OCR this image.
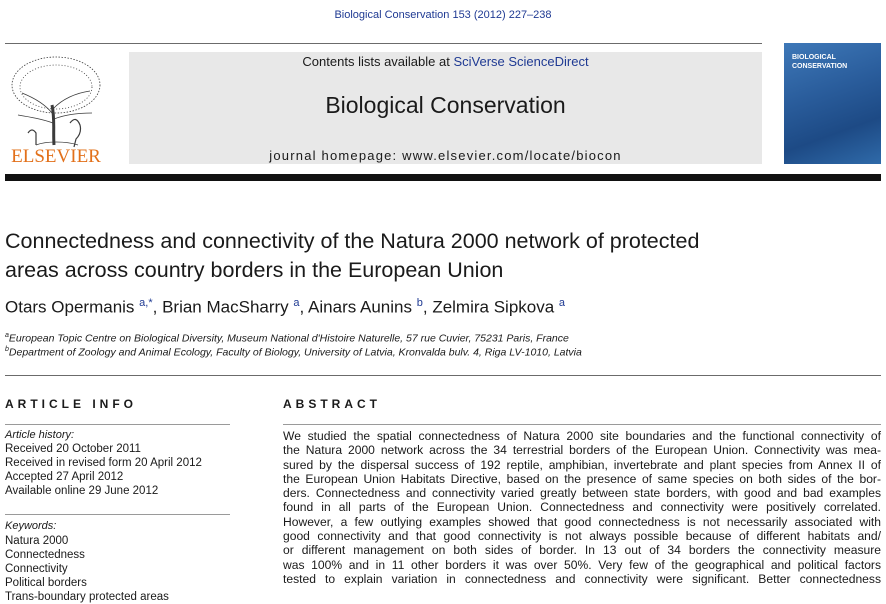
Biological Conservation 153 (2012) 227–238
ELSEVIER
Contents lists available at SciVerse ScienceDirect
Biological Conservation
journal homepage: www.elsevier.com/locate/biocon
BIOLOGICAL
CONSERVATION
Connectedness and connectivity of the Natura 2000 network of protected
areas across country borders in the European Union
Otars Opermanis $^{a,*}$, Brian MacSharry $^a$, Ainars Aunins $^b$, Zelmira Sipkova $^a$
$^a$European Topic Centre on Biological Diversity, Museum National d'Histoire Naturelle, 57 rue Cuvier, 75231 Paris, France
$^b$Department of Zoology and Animal Ecology, Faculty of Biology, University of Latvia, Kronvalda bulv. 4, Riga LV-1010, Latvia
ARTICLE INFO
Article history:
Received 20 October 2011
Received in revised form 20 April 2012
Accepted 27 April 2012
Available online 29 June 2012
Keywords:
Natura 2000
Connectedness
Connectivity
Political borders
Trans-boundary protected areas
ABSTRACT
We studied the spatial connectedness of Natura 2000 site boundaries and the functional connectivity of
the Natura 2000 network across the 34 terrestrial borders of the European Union. Connectivity was mea-
sured by the dispersal success of 192 reptile, amphibian, invertebrate and plant species from Annex II of
the European Union Habitats Directive, based on the presence of same species on both sides of the bor-
ders. Connectedness and connectivity varied greatly between state borders, with good and bad examples
found in all parts of the European Union. Connectedness and connectivity were positively correlated.
However, a few outlying examples showed that good connectedness is not necessarily associated with
good connectivity and that good connectivity is not always possible because of different habitats and/
or different management on both sides of border. In 13 out of 34 borders the connectivity measure
was 100% and in 11 other borders it was over 50%. Very few of the geographical and political factors
tested to explain variation in connectedness and connectivity were significant. Better connectedness
